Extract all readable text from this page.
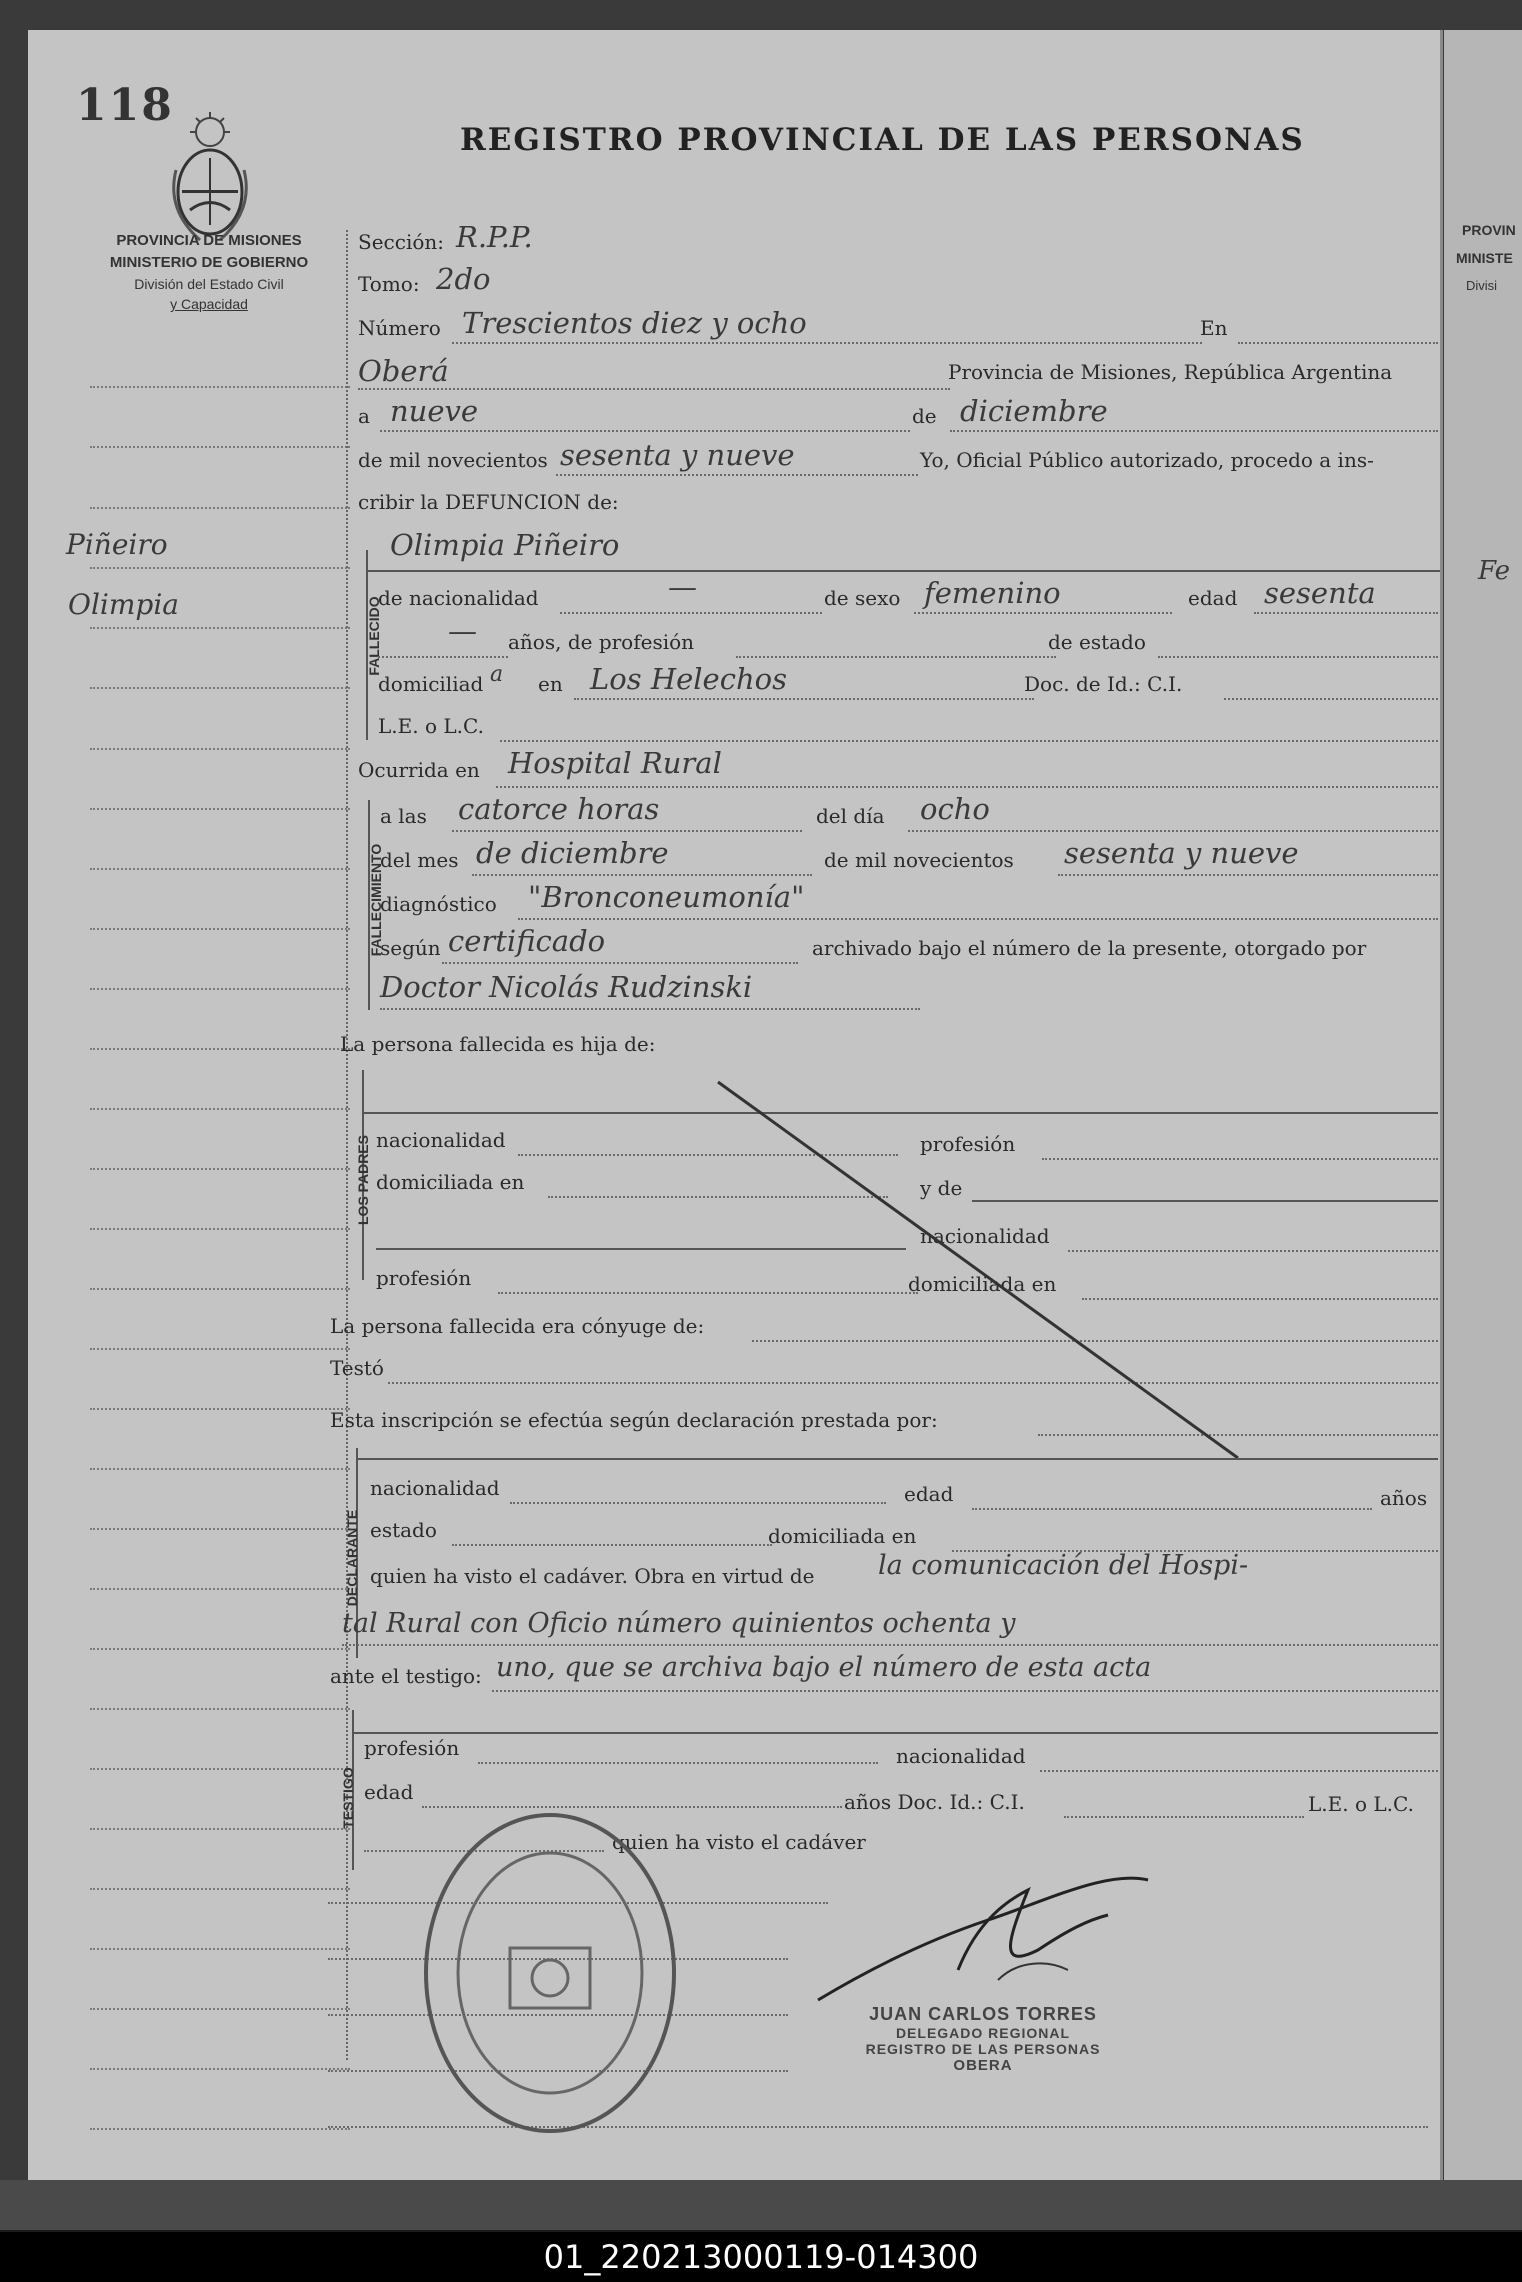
PROVIN
MINISTE
Divisi
Fe
118
REGISTRO PROVINCIAL DE LAS PERSONAS
PROVINCIA DE MISIONES
MINISTERIO DE GOBIERNO
División del Estado Civil
y Capacidad
Piñeiro
Olimpia
Sección: R.P.P.
Tomo: 2do
Número Trescientos diez y ocho	En
Oberá	Provincia de Misiones, República Argentina
a nueve	de diciembre
de mil novecientos sesenta y nueve	Yo, Oficial Público autorizado, procedo a ins-
cribir la DEFUNCION de:
FALLECIDO
Olimpia Piñeiro
de nacionalidad	—	de sexo femenino	edad sesenta
— años, de profesión	de estado
domiciliad a en Los Helechos	Doc. de Id.: C.I.
L.E. o L.C.
Ocurrida en Hospital Rural
FALLECIMIENTO
a las catorce horas	del día ocho
del mes de diciembre	de mil novecientos sesenta y nueve
diagnóstico "Bronconeumonía"
según certificado	archivado bajo el número de la presente, otorgado por
Doctor Nicolás Rudzinski
La persona fallecida es hija de:
LOS PADRES nacionalidad	profesión
domiciliada en	y de
nacionalidad
profesión	domiciliada en
La persona fallecida era cónyuge de:
Testó
Esta inscripción se efectúa según declaración prestada por:
DECLARANTE
nacionalidad	edad	años
estado	domiciliada en
quien ha visto el cadáver. Obra en virtud de la comunicación del Hospi-
tal Rural con Oficio número quinientos ochenta y
ante el testigo: uno, que se archiva bajo el número de esta acta
TESTIGO
profesión	nacionalidad
edad	años Doc. Id.: C.I.	L.E. o L.C.
quien ha visto el cadáver
JUAN CARLOS TORRES
DELEGADO REGIONAL
REGISTRO DE LAS PERSONAS
OBERA
01_220213000119-014300
